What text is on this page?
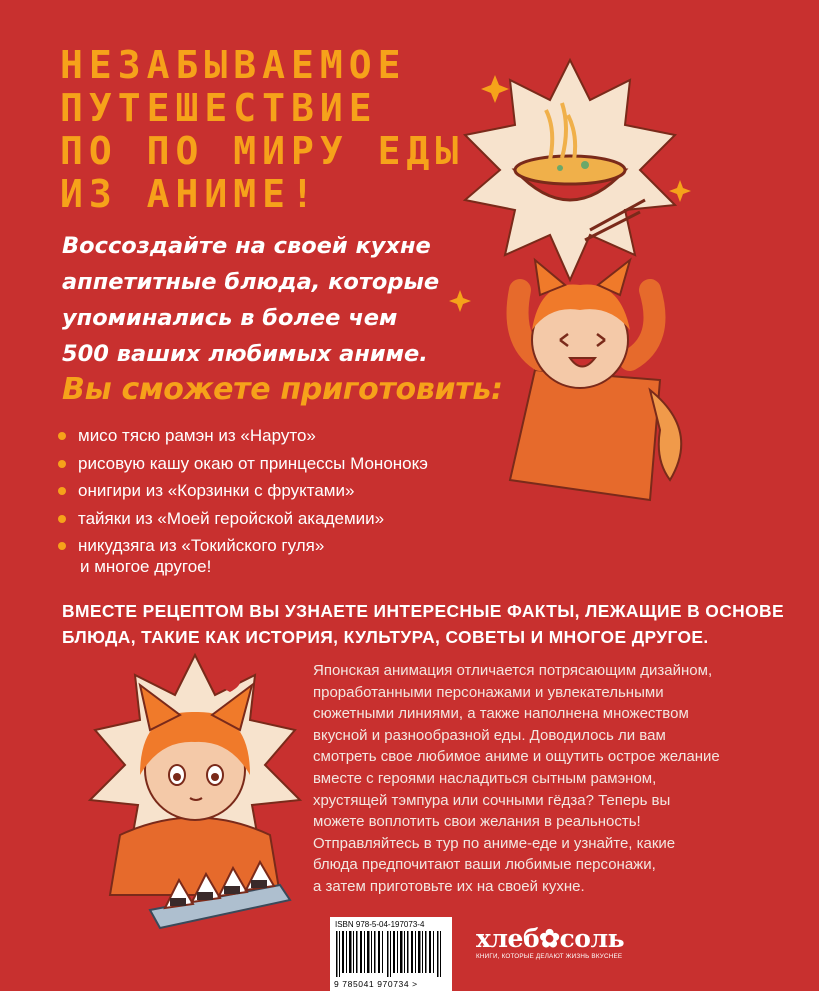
НЕЗАБЫВАЕМОЕ
ПУТЕШЕСТВИЕ
ПО ПО МИРУ ЕДЫ
ИЗ АНИМЕ!
Воссоздайте на своей кухне
аппетитные блюда, которые
упоминались в более чем
500 ваших любимых аниме.
Вы сможете приготовить:
мисо тясю рамэн из «Наруто»
рисовую кашу окаю от принцессы Мононокэ
онигири из «Корзинки с фруктами»
тайяки из «Моей геройской академии»
никудзяга из «Токийского гуля»
и многое другое!
ВМЕСТЕ РЕЦЕПТОМ ВЫ УЗНАЕТЕ ИНТЕРЕСНЫЕ ФАКТЫ, ЛЕЖАЩИЕ В ОСНОВЕ
БЛЮДА, ТАКИЕ КАК ИСТОРИЯ, КУЛЬТУРА, СОВЕТЫ И МНОГОЕ ДРУГОЕ.
Японская анимация отличается потрясающим дизайном,
проработанными персонажами и увлекательными
сюжетными линиями, а также наполнена множеством
вкусной и разнообразной еды. Доводилось ли вам
смотреть свое любимое аниме и ощутить острое желание
вместе с героями насладиться сытным рамэном,
хрустящей тэмпура или сочными гёдза? Теперь вы
можете воплотить свои желания в реальность!
Отправляйтесь в тур по аниме-еде и узнайте, какие
блюда предпочитают ваши любимые персонажи,
а затем приготовьте их на своей кухне.
ISBN 978-5-04-197073-4
9 785041 970734 >
хлеб✿соль
КНИГИ, КОТОРЫЕ ДЕЛАЮТ ЖИЗНЬ ВКУСНЕЕ
